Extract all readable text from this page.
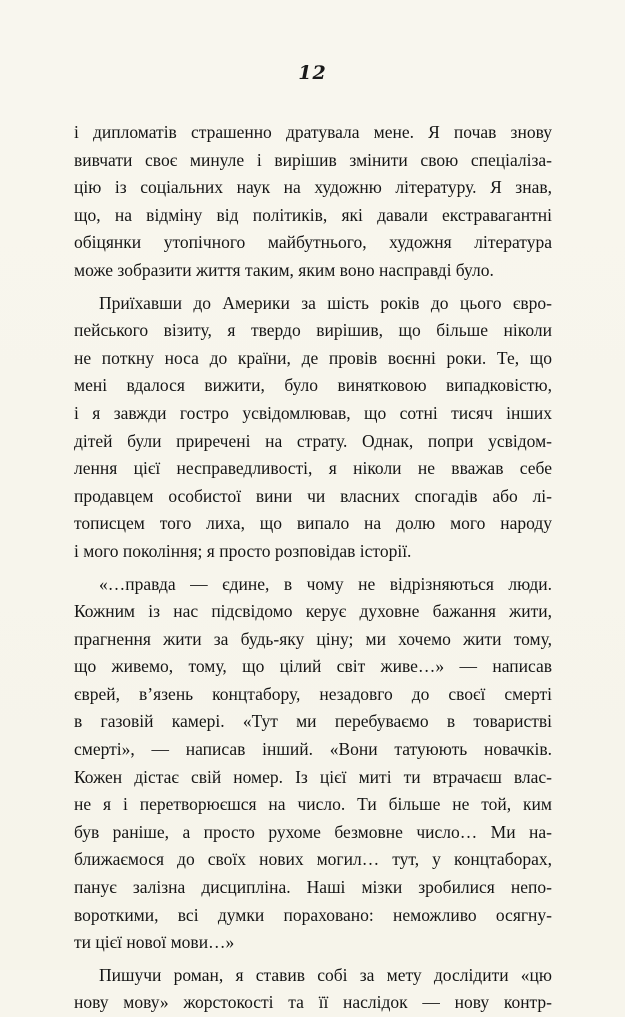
12
і дипломатів страшенно дратувала мене. Я почав знову
вивчати своє минуле і вирішив змінити свою спеціаліза-
цію із соціальних наук на художню літературу. Я знав,
що, на відміну від політиків, які давали екстравагантні
обіцянки утопічного майбутнього, художня література
може зобразити життя таким, яким воно насправді було.
Приїхавши до Америки за шість років до цього євро-
пейського візиту, я твердо вирішив, що більше ніколи
не поткну носа до країни, де провів воєнні роки. Те, що
мені вдалося вижити, було винятковою випадковістю,
і я завжди гостро усвідомлював, що сотні тисяч інших
дітей були приречені на страту. Однак, попри усвідом-
лення цієї несправедливості, я ніколи не вважав себе
продавцем особистої вини чи власних спогадів або лі-
тописцем того лиха, що випало на долю мого народу
і мого покоління; я просто розповідав історії.
«…правда — єдине, в чому не відрізняються люди.
Кожним із нас підсвідомо керує духовне бажання жити,
прагнення жити за будь-яку ціну; ми хочемо жити тому,
що живемо, тому, що цілий світ живе…» — написав
єврей, в’язень концтабору, незадовго до своєї смерті
в газовій камері. «Тут ми перебуваємо в товаристві
смерті», — написав інший. «Вони татуюють новачків.
Кожен дістає свій номер. Із цієї миті ти втрачаєш влас-
не я і перетворюєшся на число. Ти більше не той, ким
був раніше, а просто рухоме безмовне число… Ми на-
ближаємося до своїх нових могил… тут, у концтаборах,
панує залізна дисципліна. Наші мізки зробилися непо-
вороткими, всі думки пораховано: неможливо осягну-
ти цієї нової мови…»
Пишучи роман, я ставив собі за мету дослідити «цю
нову мову» жорстокості та її наслідок — нову контр-
